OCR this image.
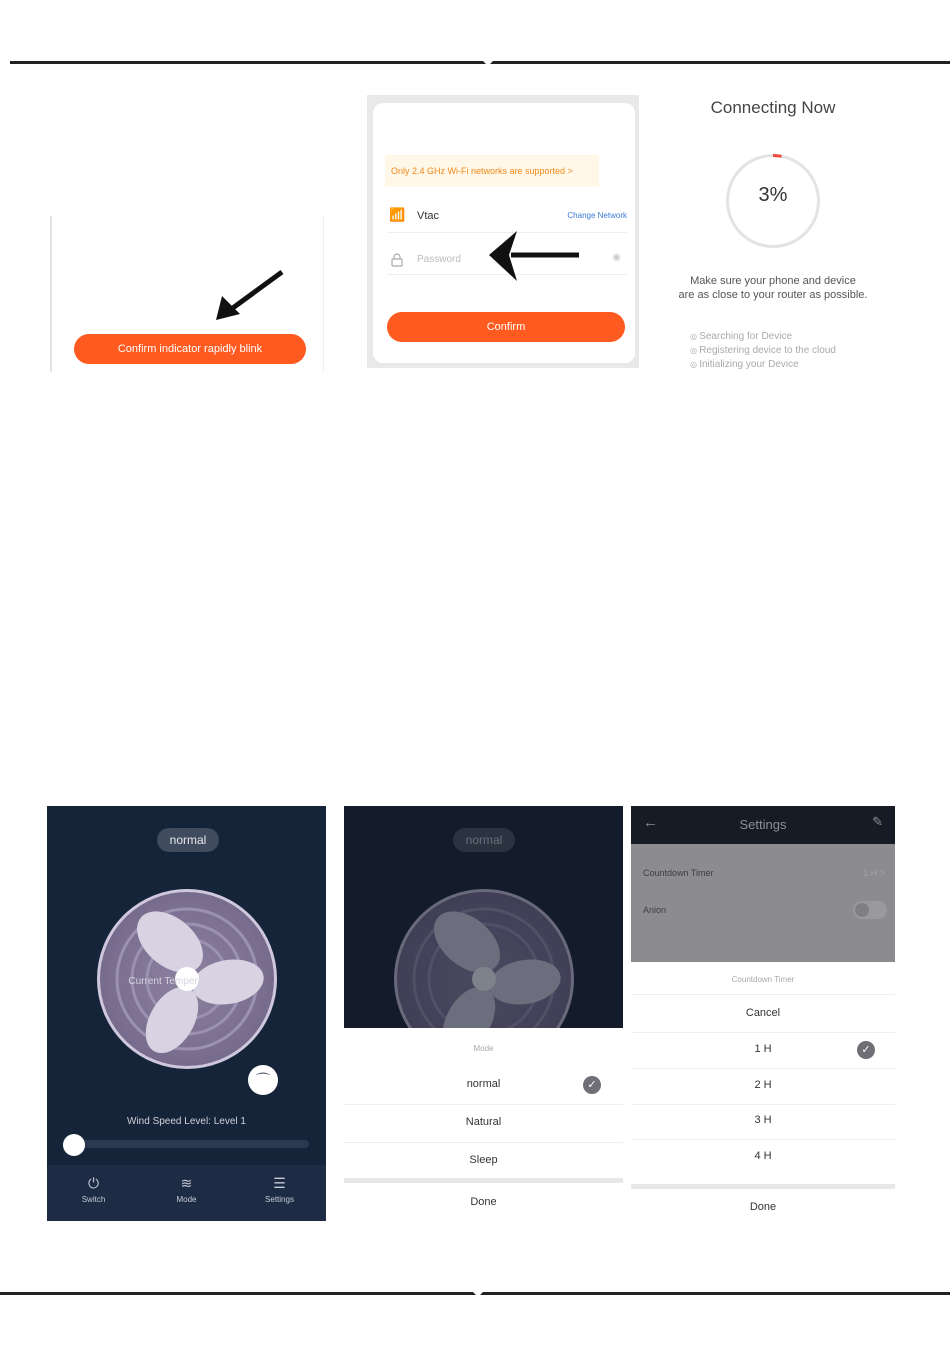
Confirm indicator rapidly blink
Only 2.4 GHz Wi-Fi networks are supported >
📶 Vtac	Change Network
Password	◉
Confirm
Connecting Now
3%
Make sure your phone and device
are as close to your router as possible.
◎ Searching for Device
◎ Registering device to the cloud
◎ Initializing your Device
normal
Current Temperature 23°C
⌒
Wind Speed Level: Level 1
⏻
Switch
≋
Mode
☰
Settings
normal
Mode
normal	✓
Natural
Sleep
Done
←	Settings	✎
Countdown Timer	1 H >
Anion
Countdown Timer
Cancel
1 H	✓
2 H
3 H
4 H
Done
